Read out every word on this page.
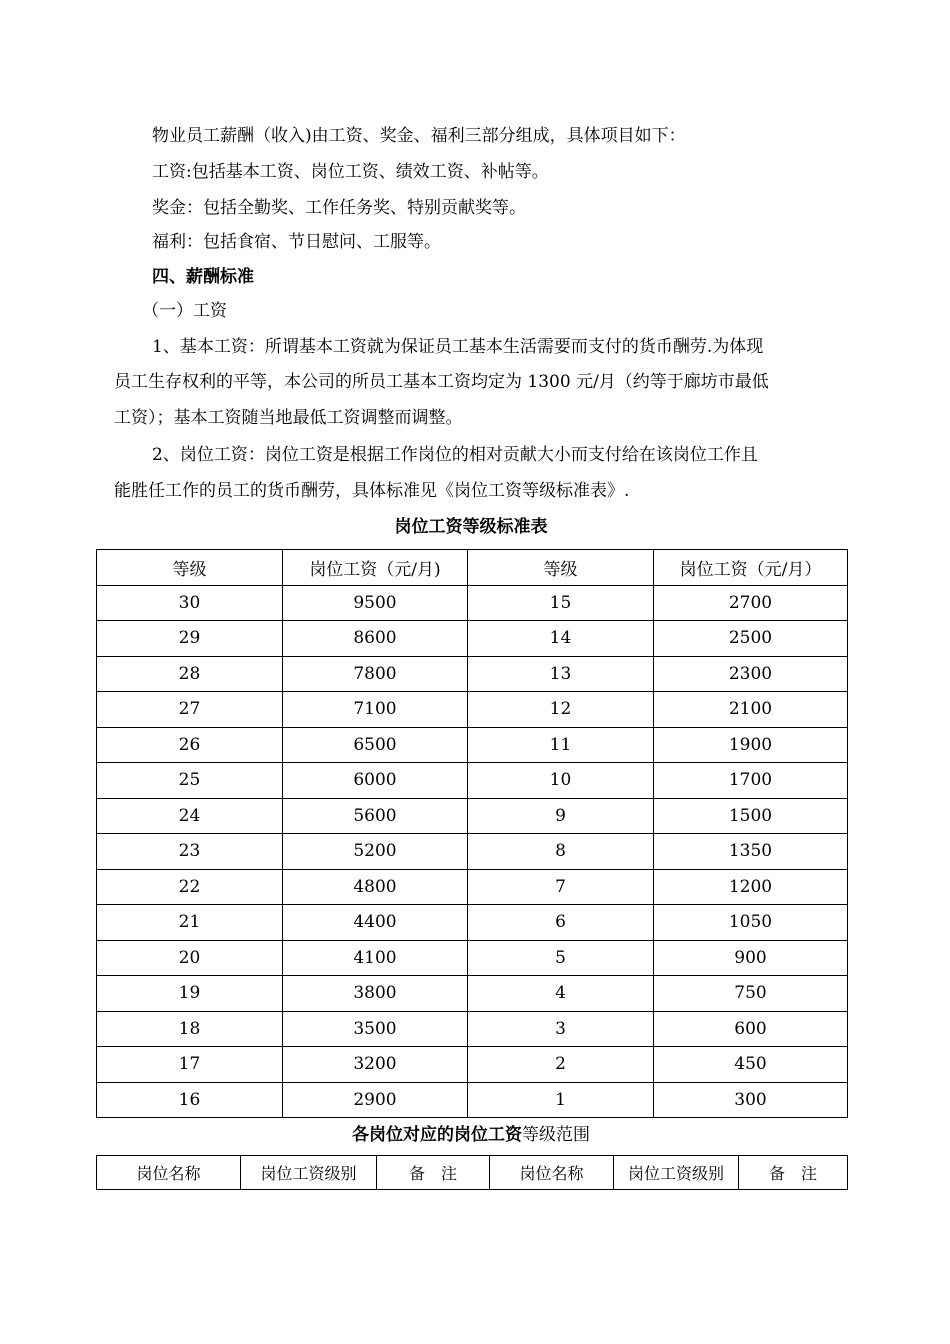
物业员工薪酬（收入)由工资、奖金、福利三部分组成，具体项目如下：
工资:包括基本工资、岗位工资、绩效工资、补帖等。
奖金：包括全勤奖、工作任务奖、特别贡献奖等。
福利：包括食宿、节日慰问、工服等。
四、薪酬标准
（一）工资
1、基本工资：所谓基本工资就为保证员工基本生活需要而支付的货币酬劳.为体现
员工生存权利的平等，本公司的所员工基本工资均定为 1300 元/月（约等于廊坊市最低
工资）；基本工资随当地最低工资调整而调整。
2、岗位工资：岗位工资是根据工作岗位的相对贡献大小而支付给在该岗位工作且
能胜任工作的员工的货币酬劳，具体标准见《岗位工资等级标准表》.
岗位工资等级标准表
等级	岗位工资（元/月)	等级	岗位工资（元/月）
30	9500	15	2700
29	8600	14	2500
28	7800	13	2300
27	7100	12	2100
26	6500	11	1900
25	6000	10	1700
24	5600	9	1500
23	5200	8	1350
22	4800	7	1200
21	4400	6	1050
20	4100	5	900
19	3800	4	750
18	3500	3	600
17	3200	2	450
16	2900	1	300
各岗位对应的岗位工资等级范围
岗位名称	岗位工资级别	备　注	岗位名称	岗位工资级别	备　注
